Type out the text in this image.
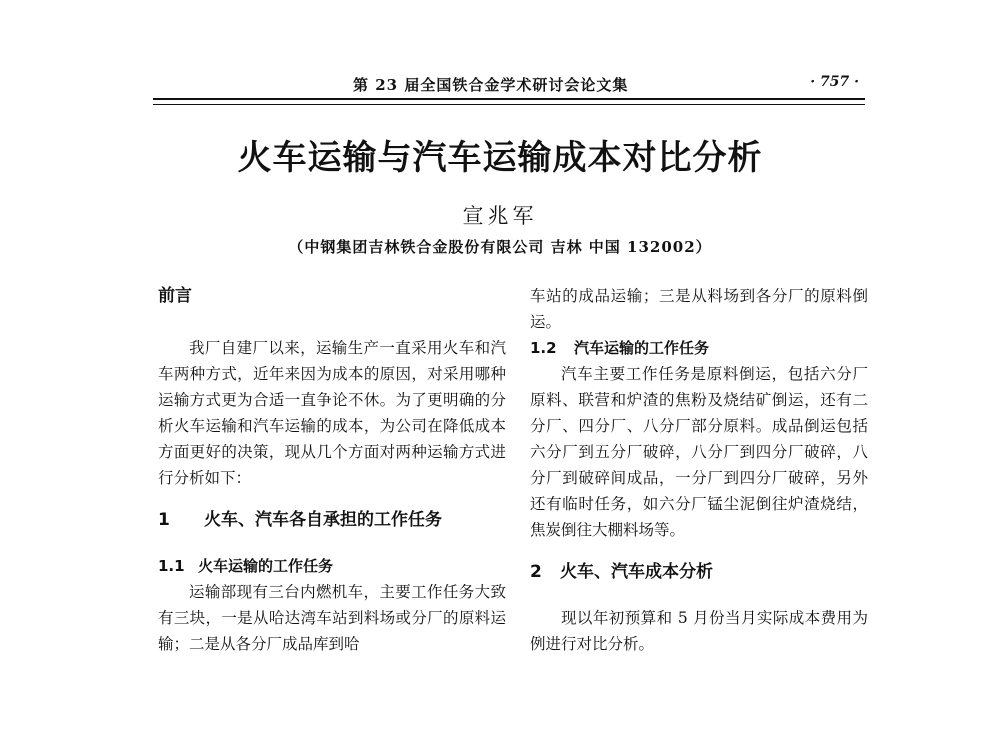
第 23 届全国铁合金学术研讨会论文集	· 757 ·
火车运输与汽车运输成本对比分析
宣兆军
（中钢集团吉林铁合金股份有限公司 吉林 中国 132002）

前言

我厂自建厂以来，运输生产一直采用火车和汽车两种方式，近年来因为成本的原因，对采用哪种运输方式更为合适一直争论不休。为了更明确的分析火车运输和汽车运输的成本，为公司在降低成本方面更好的决策，现从几个方面对两种运输方式进行分析如下：

1 火车、汽车各自承担的工作任务

1.1 火车运输的工作任务

运输部现有三台内燃机车，主要工作任务大致有三块，一是从哈达湾车站到料场或分厂的原料运输；二是从各分厂成品库到哈

车站的成品运输；三是从料场到各分厂的原料倒运。

1.2 汽车运输的工作任务

汽车主要工作任务是原料倒运，包括六分厂原料、联营和炉渣的焦粉及烧结矿倒运，还有二分厂、四分厂、八分厂部分原料。成品倒运包括六分厂到五分厂破碎，八分厂到四分厂破碎，八分厂到破碎间成品，一分厂到四分厂破碎，另外还有临时任务，如六分厂锰尘泥倒往炉渣烧结，焦炭倒往大棚料场等。

2 火车、汽车成本分析

现以年初预算和 5 月份当月实际成本费用为例进行对比分析。
